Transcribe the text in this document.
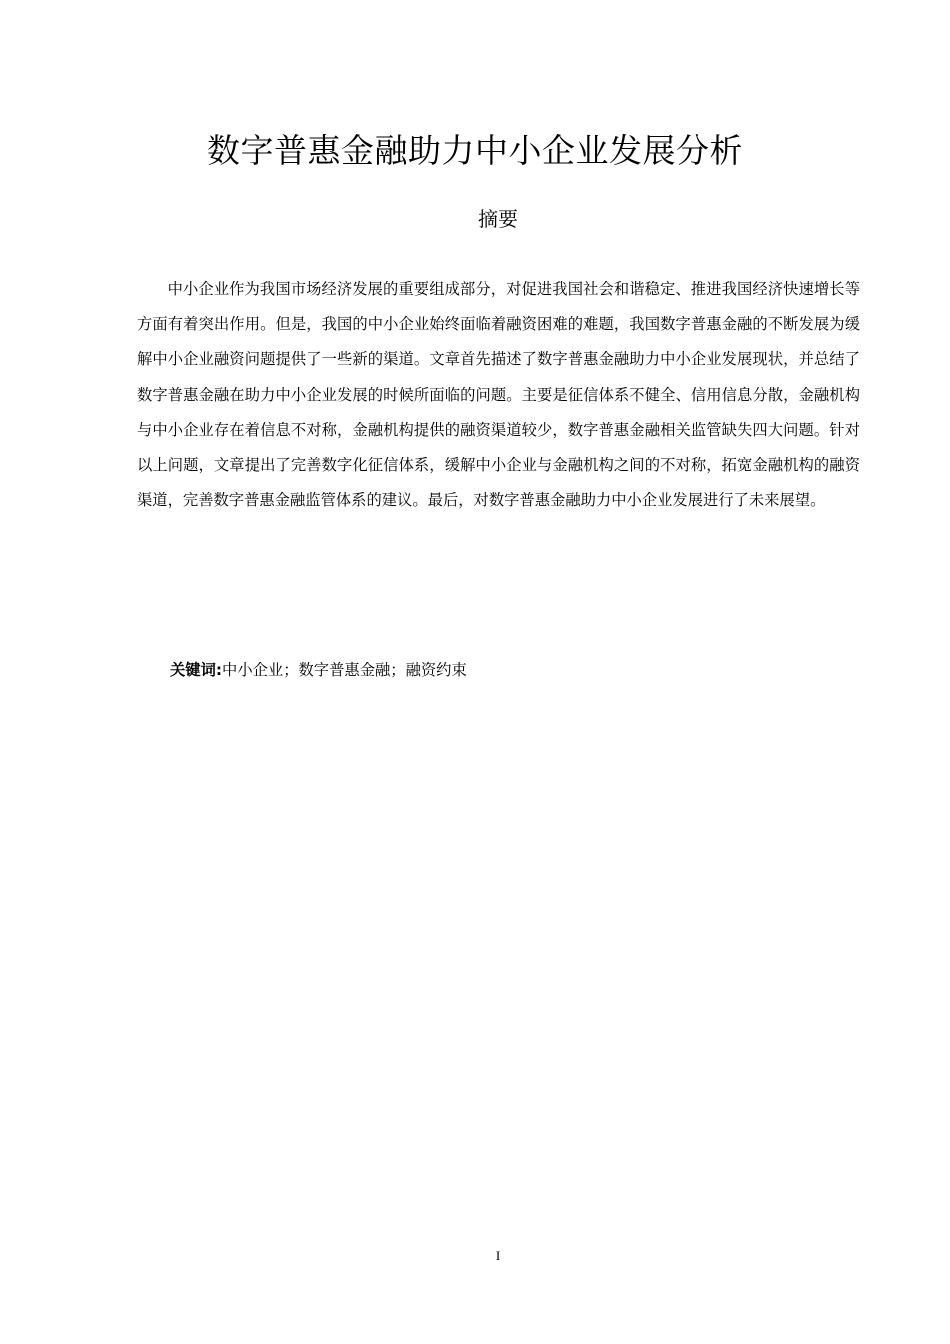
数字普惠金融助力中小企业发展分析
摘要

中小企业作为我国市场经济发展的重要组成部分，对促进我国社会和谐稳定、推进我国经济快速增长等方面有着突出作用。但是，我国的中小企业始终面临着融资困难的难题，我国数字普惠金融的不断发展为缓解中小企业融资问题提供了一些新的渠道。文章首先描述了数字普惠金融助力中小企业发展现状，并总结了数字普惠金融在助力中小企业发展的时候所面临的问题。主要是征信体系不健全、信用信息分散，金融机构与中小企业存在着信息不对称，金融机构提供的融资渠道较少，数字普惠金融相关监管缺失四大问题。针对以上问题，文章提出了完善数字化征信体系，缓解中小企业与金融机构之间的不对称，拓宽金融机构的融资渠道，完善数字普惠金融监管体系的建议。最后，对数字普惠金融助力中小企业发展进行了未来展望。

关键词:中小企业；数字普惠金融；融资约束

I
